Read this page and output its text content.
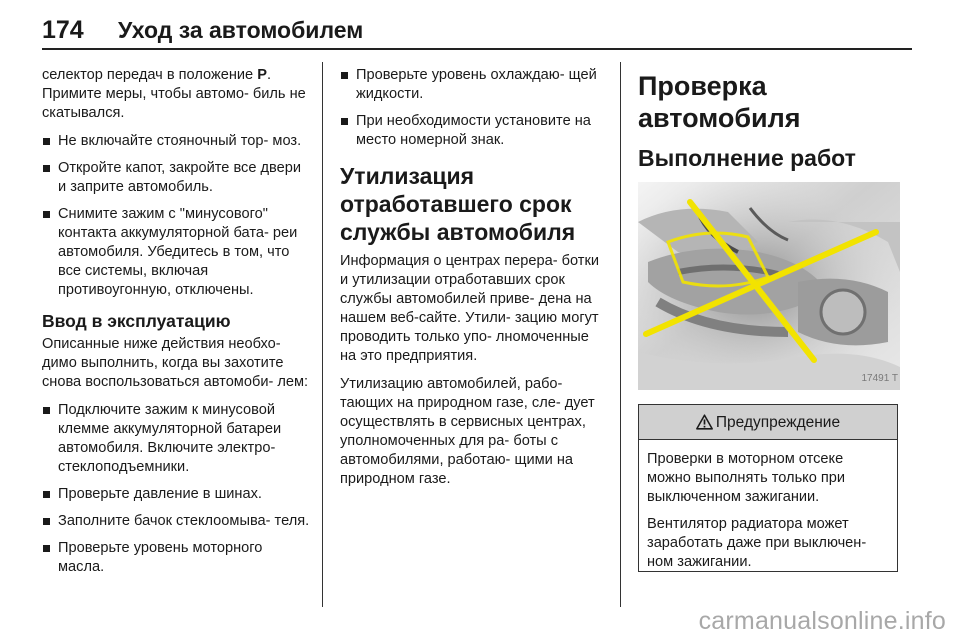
174 Уход за автомобилем

селектор передач в положение P. Примите меры, чтобы автомо- биль не скатывался.

Не включайте стояночный тор- моз.
Откройте капот, закройте все двери и заприте автомобиль.
Снимите зажим с "минусового" контакта аккумуляторной бата- реи автомобиля. Убедитесь в том, что все системы, включая противоугонную, отключены.
Ввод в эксплуатацию

Описанные ниже действия необхо- димо выполнить, когда вы захотите снова воспользоваться автомоби- лем:

Подключите зажим к минусовой клемме аккумуляторной батареи автомобиля. Включите электро- стеклоподъемники.
Проверьте давление в шинах.
Заполните бачок стеклоомыва- теля.
Проверьте уровень моторного масла.
Проверьте уровень охлаждаю- щей жидкости.
При необходимости установите на место номерной знак.
Утилизация отработавшего срок службы автомобиля

Информация о центрах перера- ботки и утилизации отработавших срок службы автомобилей приве- дена на нашем веб-сайте. Утили- зацию могут проводить только упо- лномоченные на это предприятия.

Утилизацию автомобилей, рабо- тающих на природном газе, сле- дует осуществлять в сервисных центрах, уполномоченных для ра- боты с автомобилями, работаю- щими на природном газе.

Проверка автомобиля
Выполнение работ
17491 T
Предупреждение

Проверки в моторном отсеке можно выполнять только при выключенном зажигании.

Вентилятор радиатора может заработать даже при выключен- ном зажигании.

carmanualsonline.info
